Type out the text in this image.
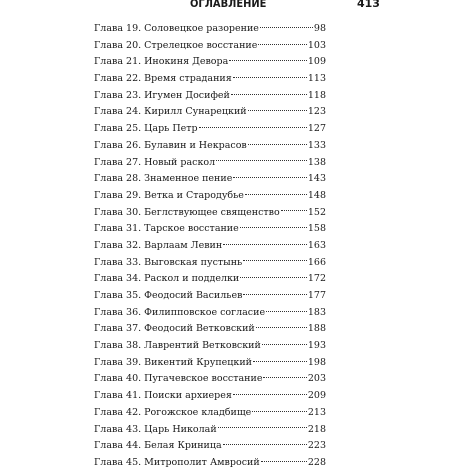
ОГЛАВЛЕНИЕ	413
Глава 19. Соловецкое разорение	98
Глава 20. Стрелецкое восстание	103
Глава 21. Инокиня Девора	109
Глава 22. Время страдания	113
Глава 23. Игумен Досифей	118
Глава 24. Кирилл Сунарецкий	123
Глава 25. Царь Петр	127
Глава 26. Булавин и Некрасов	133
Глава 27. Новый раскол	138
Глава 28. Знаменное пение	143
Глава 29. Ветка и Стародубье	148
Глава 30. Беглствующее священство	152
Глава 31. Тарское восстание	158
Глава 32. Варлаам Левин	163
Глава 33. Выговская пустынь	166
Глава 34. Раскол и подделки	172
Глава 35. Феодосий Васильев	177
Глава 36. Филипповское согласие	183
Глава 37. Феодосий Ветковский	188
Глава 38. Лаврентий Ветковский	193
Глава 39. Викентий Крупецкий	198
Глава 40. Пугачевское восстание	203
Глава 41. Поиски архиерея	209
Глава 42. Рогожское кладбище	213
Глава 43. Царь Николай	218
Глава 44. Белая Криница	223
Глава 45. Митрополит Амвросий	228
